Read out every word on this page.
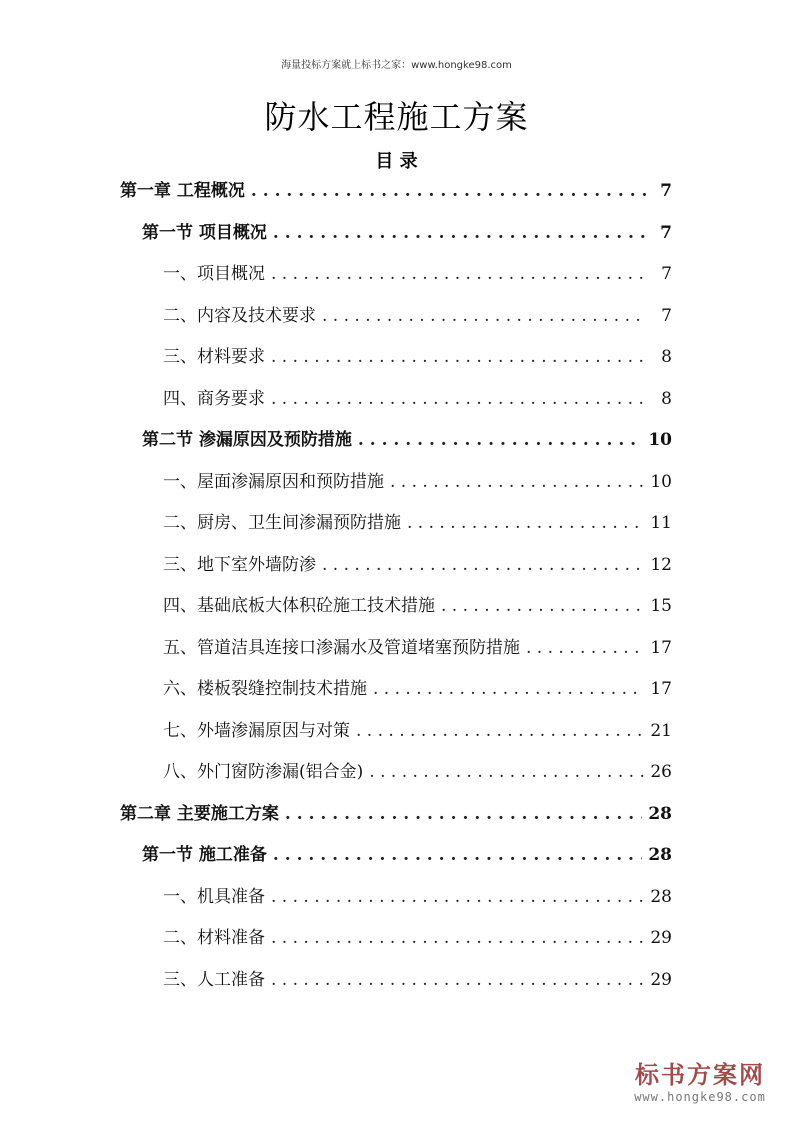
海量投标方案就上标书之家：www.hongke98.com
防水工程施工方案
目 录
第一章 工程概况 . . .	7
第一节 项目概况 . . .	7
一、项目概况 . . .	7
二、内容及技术要求 . . .	7
三、材料要求 . . .	8
四、商务要求 . . .	8
第二节 渗漏原因及预防措施 . . .	10
一、屋面渗漏原因和预防措施 . . .	10
二、厨房、卫生间渗漏预防措施 . . .	11
三、地下室外墙防渗 . . .	12
四、基础底板大体积砼施工技术措施 . . .	15
五、管道洁具连接口渗漏水及管道堵塞预防措施 . . .	17
六、楼板裂缝控制技术措施 . . .	17
七、外墙渗漏原因与对策 . . .	21
八、外门窗防渗漏(铝合金) . . .	26
第二章 主要施工方案 . . .	28
第一节 施工准备 . . .	28
一、机具准备 . . .	28
二、材料准备 . . .	29
三、人工准备 . . .	29
标书方案网
www.hongke98.com
